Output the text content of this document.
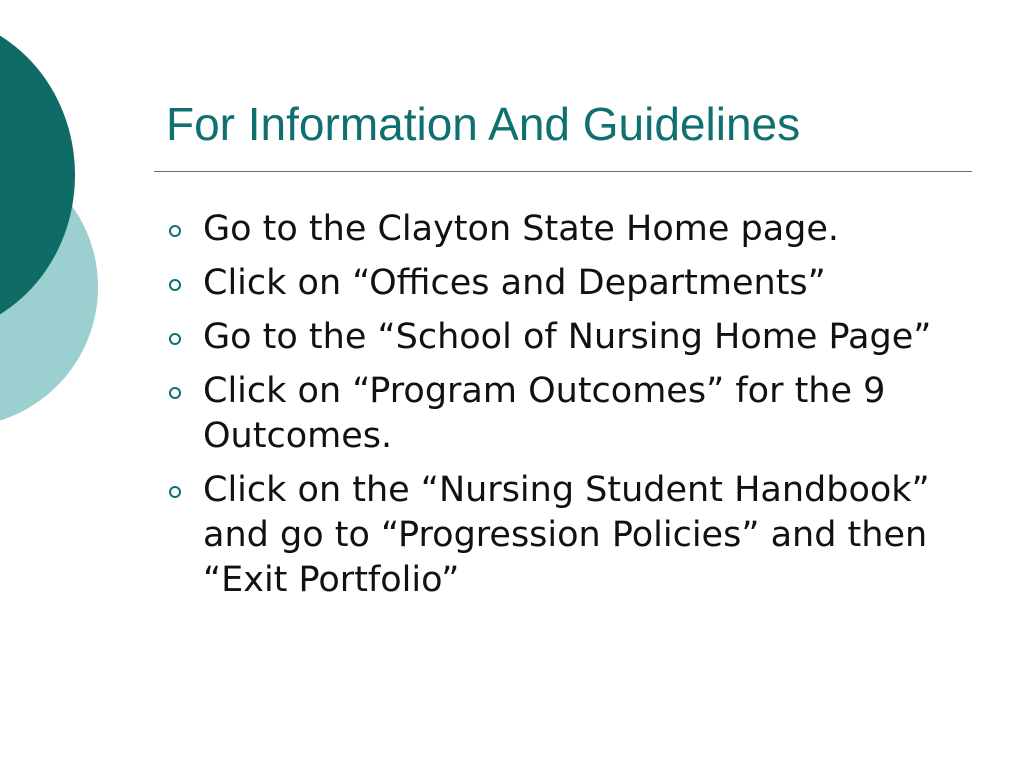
For Information And Guidelines
Go to the Clayton State Home page.
Click on “Offices and Departments”
Go to the “School of Nursing Home Page”
Click on “Program Outcomes” for the 9 Outcomes.
Click on the “Nursing Student Handbook” and go to “Progression Policies” and then “Exit Portfolio”
